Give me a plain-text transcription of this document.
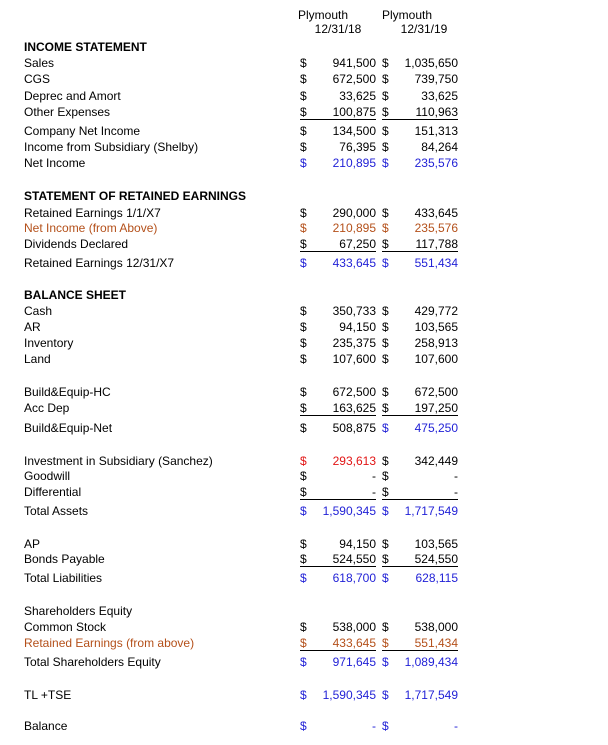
Plymouth	Plymouth
12/31/18	12/31/19
INCOME STATEMENT
STATEMENT OF RETAINED EARNINGS
BALANCE SHEET
Sales	$	941,500 $	1,035,650
CGS	$	672,500 $	739,750
Deprec and Amort	$	33,625 $	33,625
Other Expenses	$	100,875 $	110,963
Company Net Income	$	134,500 $	151,313
Income from Subsidiary (Shelby)	$	76,395 $	84,264
Net Income	$	210,895 $	235,576
Retained Earnings 1/1/X7	$	290,000 $	433,645
Net Income (from Above)	$	210,895 $	235,576
Dividends Declared	$	67,250 $	117,788
Retained Earnings 12/31/X7	$	433,645 $	551,434
Cash	$	350,733 $	429,772
AR	$	94,150 $	103,565
Inventory	$	235,375 $	258,913
Land	$	107,600 $	107,600
Build&Equip-HC	$	672,500 $	672,500
Acc Dep	$	163,625 $	197,250
Build&Equip-Net	$	508,875 $	475,250
Investment in Subsidiary (Sanchez)	$	293,613 $	342,449
Goodwill	$	- $	-
Differential	$	- $	-
Total Assets	$	1,590,345 $	1,717,549
AP	$	94,150 $	103,565
Bonds Payable	$	524,550 $	524,550
Total Liabilities	$	618,700 $	628,115
Shareholders Equity
Common Stock	$	538,000 $	538,000
Retained Earnings (from above)	$	433,645 $	551,434
Total Shareholders Equity	$	971,645 $	1,089,434
TL +TSE	$	1,590,345 $	1,717,549
Balance	$	- $	-
